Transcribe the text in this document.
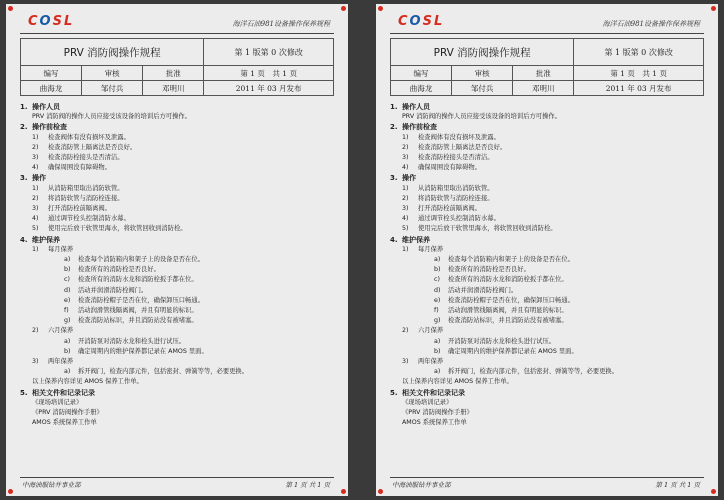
COSL	海洋石油981设备操作保养规程
PRV 消防阀操作规程			第 1 版第 0 次修改
编写	审核	批准	第 1 页　共 1 页
曲海龙	邹付兵	邓明川	2011 年 03 月发布
1. 操作人员
PRV 消防阀的操作人员应接受该设备的培训后方可操作。
2. 操作前检查
1) 检查阀体有没有损坏及泄露。
2) 检查消防管上隔离法是否良好。
3) 检查消防栓接头是否清洁。
4) 确保周围没有障碍物。
3. 操作
1) 从消防箱里取出消防软管。
2) 将消防软管与消防栓连接。
3) 打开消防栓前隔离阀。
4) 通过调节栓头控制消防水幕。
5) 使用完后放干软管里海水，将软管回收到消防栓。
4. 维护保养
1) 每月保养
a) 检查每个消防箱内和架子上的设备是否在位。
b) 检查所有的消防栓是否良好。
c) 检查所有的消防水龙和消防栓扳手都在位。
d) 活动并润滑消防栓阀门。
e) 检查消防栓帽子是否在位，确保卸压口畅通。
f) 活动润滑管线隔离阀，并且有明显的标识。
g) 检查消防站标识，并且消防站没有被堵塞。
2) 六月保养
a) 开消防泵对消防水龙和栓头进行试压。
b) 确定周期内的维护保养都记录在 AMOS 里面。
3) 两年保养
a) 拆开阀门，检查内部元件，包括密封、弹簧等等，必要更换。
以上保养内容详见 AMOS 保养工作单。
5. 相关文件和记录记录
《现场培训记录》
《PRV 消防阀操作手册》
AMOS 系统保养工作单
中海油服钻井事业部	第 1 页 共 1 页
COSL	海洋石油981设备操作保养规程
PRV 消防阀操作规程			第 1 版第 0 次修改
编写	审核	批准	第 1 页　共 1 页
曲海龙	邹付兵	邓明川	2011 年 03 月发布
1. 操作人员
PRV 消防阀的操作人员应接受该设备的培训后方可操作。
2. 操作前检查
1) 检查阀体有没有损坏及泄露。
2) 检查消防管上隔离法是否良好。
3) 检查消防栓接头是否清洁。
4) 确保周围没有障碍物。
3. 操作
1) 从消防箱里取出消防软管。
2) 将消防软管与消防栓连接。
3) 打开消防栓前隔离阀。
4) 通过调节栓头控制消防水幕。
5) 使用完后放干软管里海水，将软管回收到消防栓。
4. 维护保养
1) 每月保养
a) 检查每个消防箱内和架子上的设备是否在位。
b) 检查所有的消防栓是否良好。
c) 检查所有的消防水龙和消防栓扳手都在位。
d) 活动并润滑消防栓阀门。
e) 检查消防栓帽子是否在位，确保卸压口畅通。
f) 活动润滑管线隔离阀，并且有明显的标识。
g) 检查消防站标识，并且消防站没有被堵塞。
2) 六月保养
a) 开消防泵对消防水龙和栓头进行试压。
b) 确定周期内的维护保养都记录在 AMOS 里面。
3) 两年保养
a) 拆开阀门，检查内部元件，包括密封、弹簧等等，必要更换。
以上保养内容详见 AMOS 保养工作单。
5. 相关文件和记录记录
《现场培训记录》
《PRV 消防阀操作手册》
AMOS 系统保养工作单
中海油服钻井事业部	第 1 页 共 1 页
